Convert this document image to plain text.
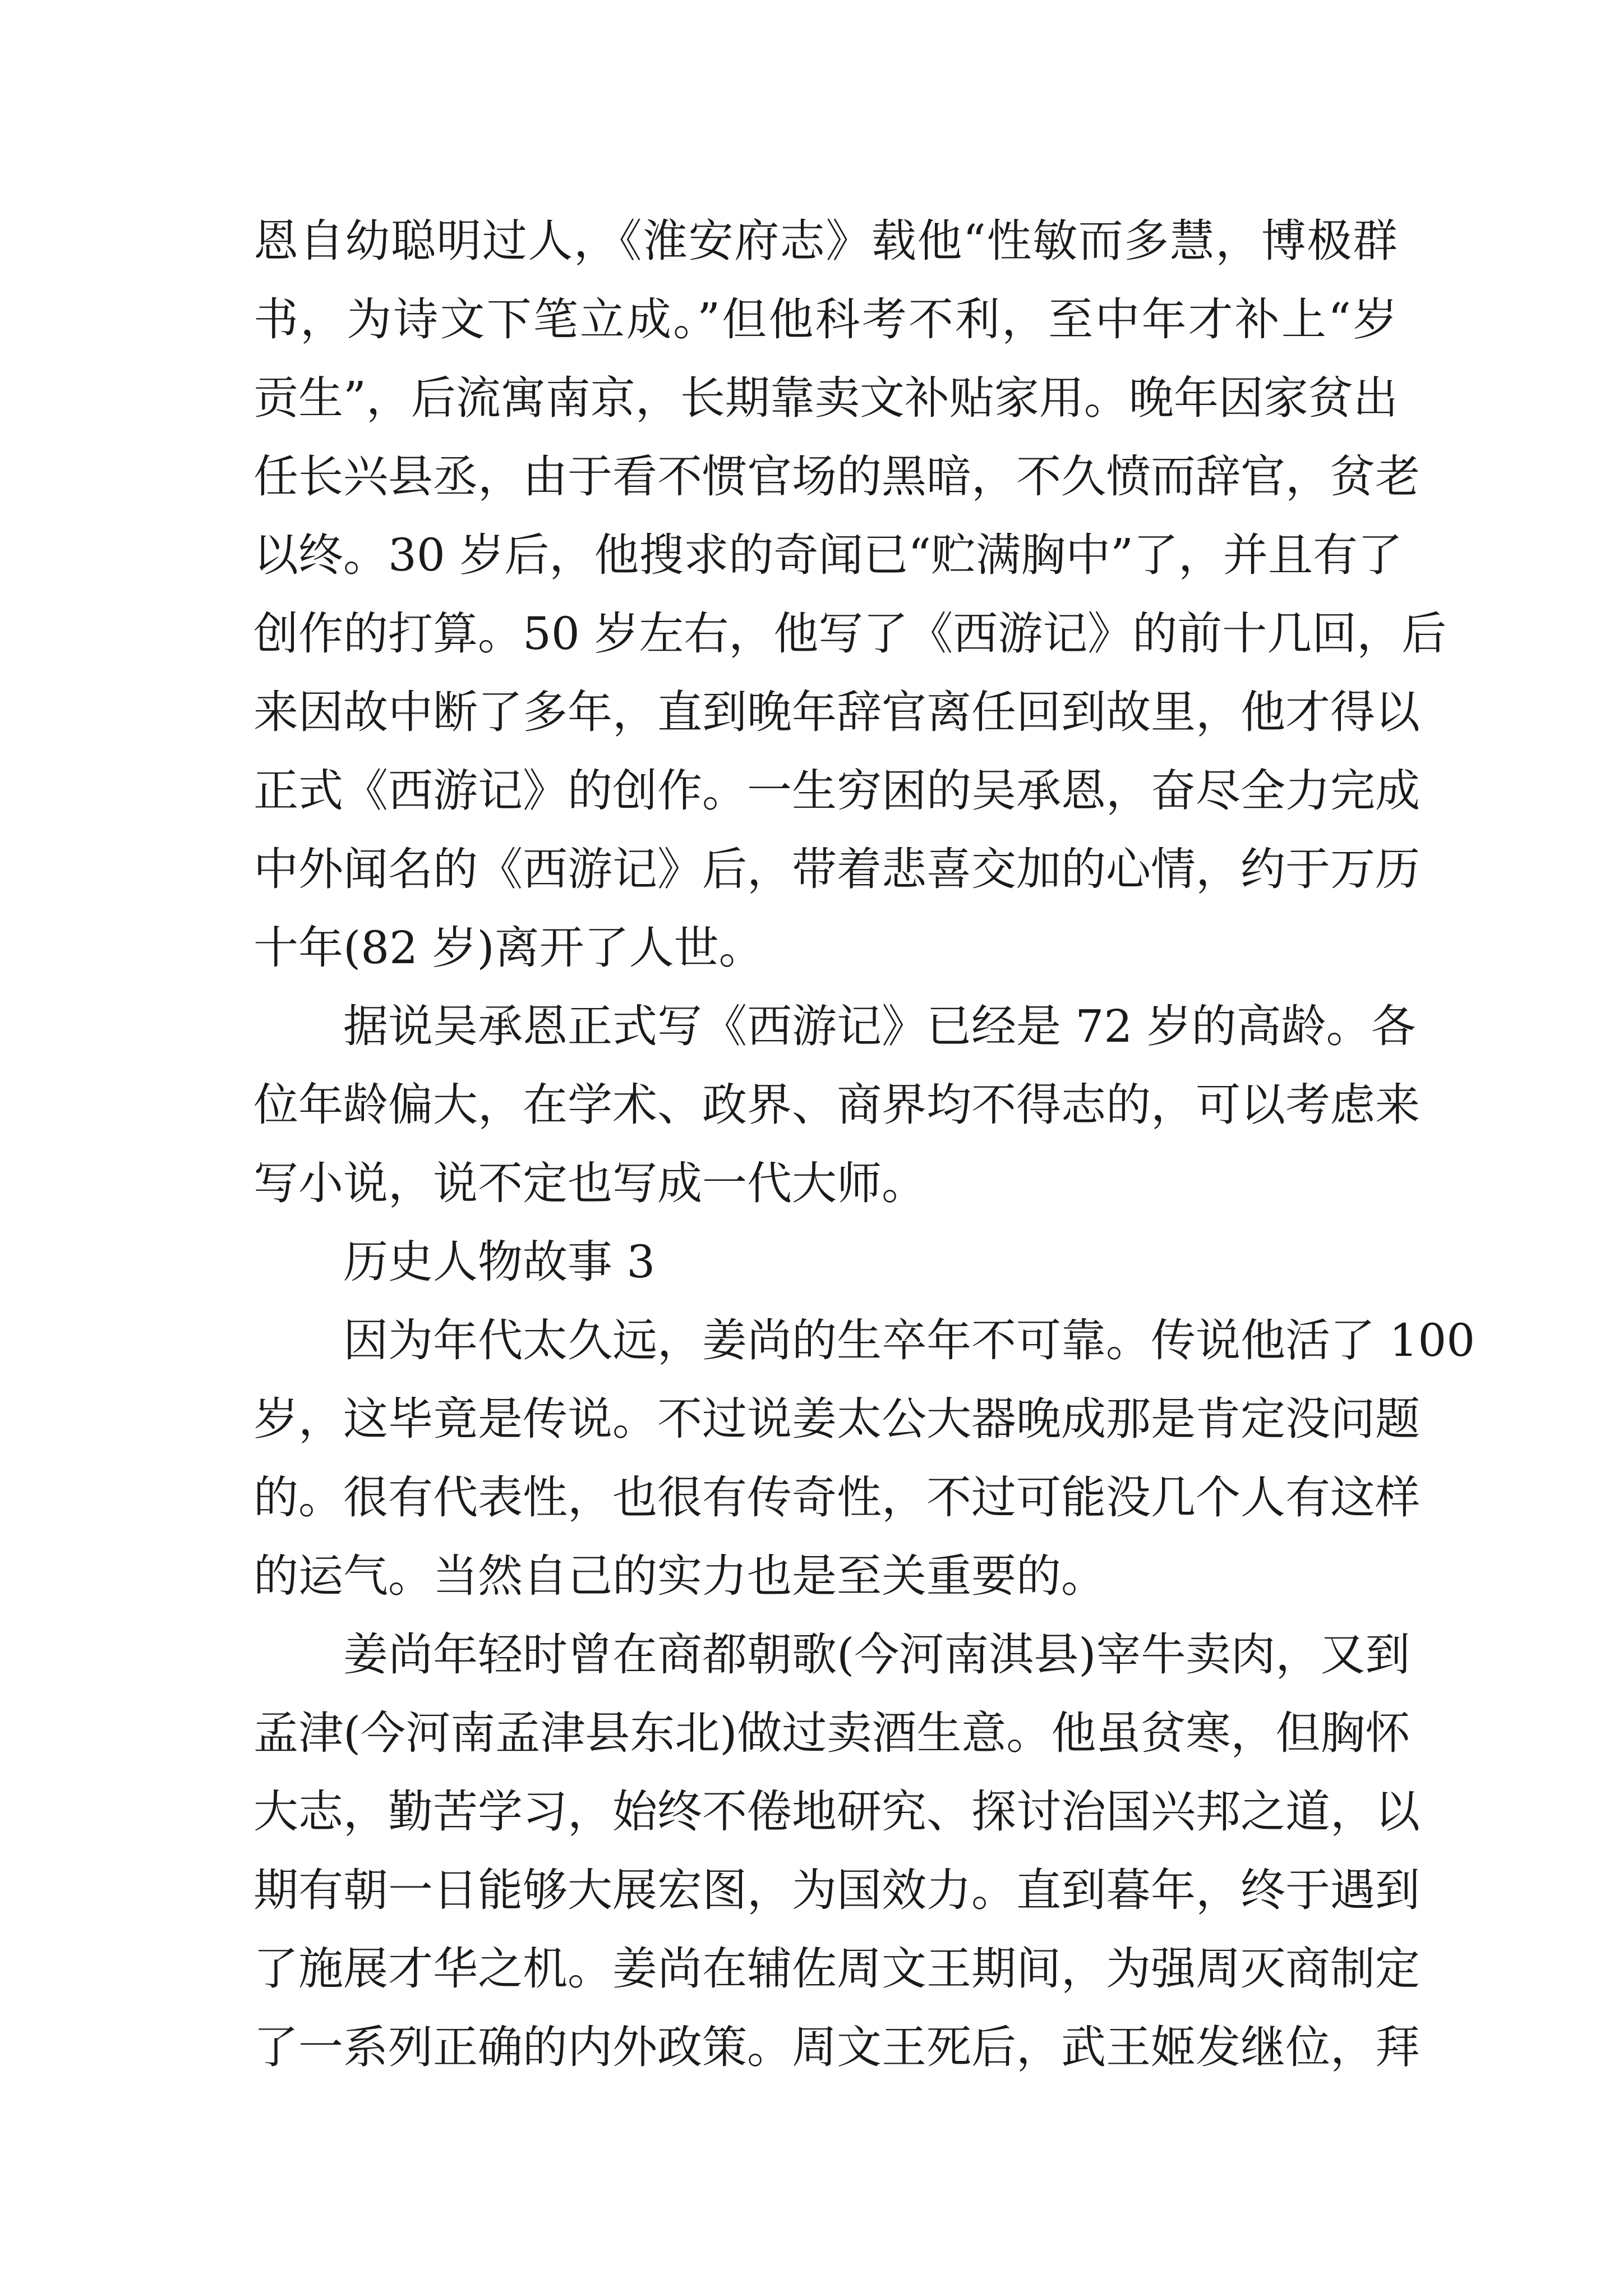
恩自幼聪明过人，《淮安府志》载他“性敏而多慧，博极群
书，为诗文下笔立成。”但他科考不利，至中年才补上“岁
贡生”，后流寓南京，长期靠卖文补贴家用。晚年因家贫出
任长兴县丞，由于看不惯官场的黑暗，不久愤而辞官，贫老
以终。30 岁后，他搜求的奇闻已“贮满胸中”了，并且有了
创作的打算。50 岁左右，他写了《西游记》的前十几回，后
来因故中断了多年，直到晚年辞官离任回到故里，他才得以
正式《西游记》的创作。一生穷困的吴承恩，奋尽全力完成
中外闻名的《西游记》后，带着悲喜交加的心情，约于万历
十年(82 岁)离开了人世。
据说吴承恩正式写《西游记》已经是 72 岁的高龄。各
位年龄偏大，在学术、政界、商界均不得志的，可以考虑来
写小说，说不定也写成一代大师。
历史人物故事 3
因为年代太久远，姜尚的生卒年不可靠。传说他活了 100
岁，这毕竟是传说。不过说姜太公大器晚成那是肯定没问题
的。很有代表性，也很有传奇性，不过可能没几个人有这样
的运气。当然自己的实力也是至关重要的。
姜尚年轻时曾在商都朝歌(今河南淇县)宰牛卖肉，又到
孟津(今河南孟津县东北)做过卖酒生意。他虽贫寒，但胸怀
大志，勤苦学习，始终不倦地研究、探讨治国兴邦之道，以
期有朝一日能够大展宏图，为国效力。直到暮年，终于遇到
了施展才华之机。姜尚在辅佐周文王期间，为强周灭商制定
了一系列正确的内外政策。周文王死后，武王姬发继位，拜
